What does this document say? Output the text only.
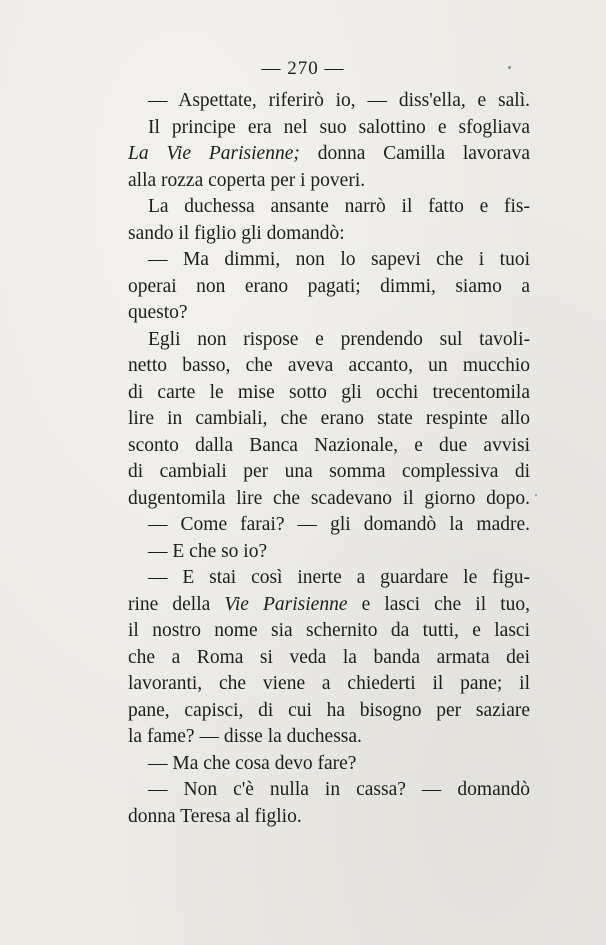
— 270 —
— Aspettate, riferirò io, — diss'ella, e salì.
Il principe era nel suo salottino e sfogliava
La Vie Parisienne; donna Camilla lavorava
alla rozza coperta per i poveri.
La duchessa ansante narrò il fatto e fis-
sando il figlio gli domandò:
— Ma dimmi, non lo sapevi che i tuoi
operai non erano pagati; dimmi, siamo a
questo?
Egli non rispose e prendendo sul tavoli-
netto basso, che aveva accanto, un mucchio
di carte le mise sotto gli occhi trecentomila
lire in cambiali, che erano state respinte allo
sconto dalla Banca Nazionale, e due avvisi
di cambiali per una somma complessiva di
dugentomila lire che scadevano il giorno dopo.
— Come farai? — gli domandò la madre.
— E che so io?
— E stai così inerte a guardare le figu-
rine della Vie Parisienne e lasci che il tuo,
il nostro nome sia schernito da tutti, e lasci
che a Roma si veda la banda armata dei
lavoranti, che viene a chiederti il pane; il
pane, capisci, di cui ha bisogno per saziare
la fame? — disse la duchessa.
— Ma che cosa devo fare?
— Non c'è nulla in cassa? — domandò
donna Teresa al figlio.
